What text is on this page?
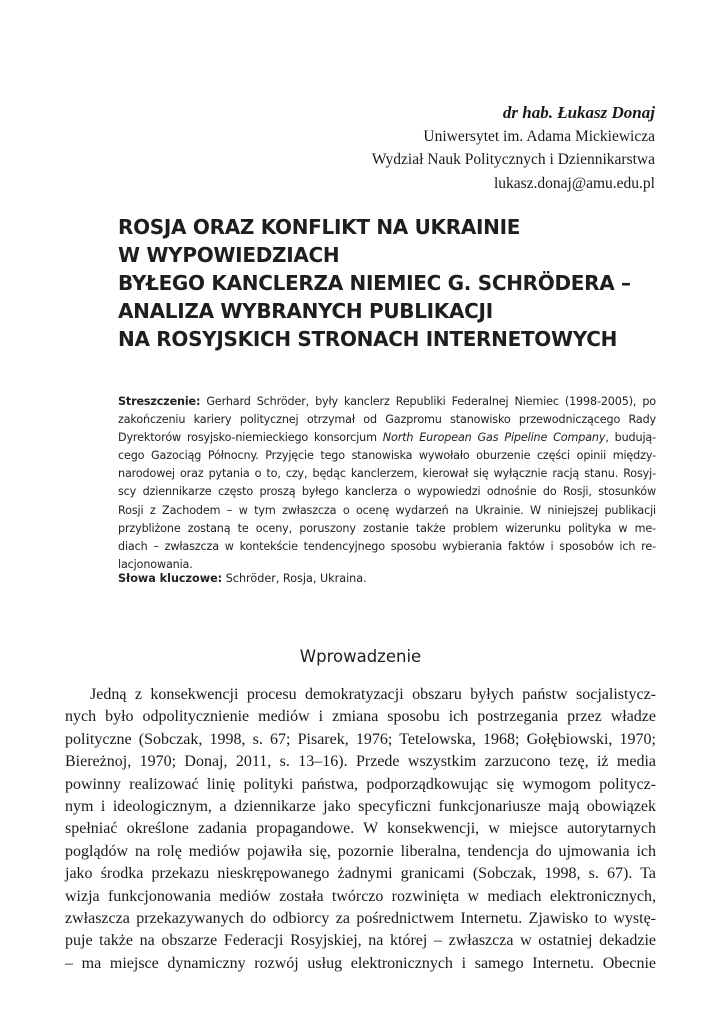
dr hab. Łukasz Donaj
Uniwersytet im. Adama Mickiewicza
Wydział Nauk Politycznych i Dziennikarstwa
lukasz.donaj@amu.edu.pl
ROSJA ORAZ KONFLIKT NA UKRAINIE
W WYPOWIEDZIACH
BYŁEGO KANCLERZA NIEMIEC G. SCHRÖDERA –
ANALIZA WYBRANYCH PUBLIKACJI
NA ROSYJSKICH STRONACH INTERNETOWYCH
Streszczenie: Gerhard Schröder, były kanclerz Republiki Federalnej Niemiec (1998-2005), po
zakończeniu kariery politycznej otrzymał od Gazpromu stanowisko przewodniczącego Rady
Dyrektorów rosyjsko-niemieckiego konsorcjum North European Gas Pipeline Company, budują-
cego Gazociąg Północny. Przyjęcie tego stanowiska wywołało oburzenie części opinii między-
narodowej oraz pytania o to, czy, będąc kanclerzem, kierował się wyłącznie racją stanu. Rosyj-
scy dziennikarze często proszą byłego kanclerza o wypowiedzi odnośnie do Rosji, stosunków
Rosji z Zachodem – w tym zwłaszcza o ocenę wydarzeń na Ukrainie. W niniejszej publikacji
przybliżone zostaną te oceny, poruszony zostanie także problem wizerunku polityka w me-
diach – zwłaszcza w kontekście tendencyjnego sposobu wybierania faktów i sposobów ich re-
lacjonowania.
Słowa kluczowe: Schröder, Rosja, Ukraina.
Wprowadzenie
Jedną z konsekwencji procesu demokratyzacji obszaru byłych państw socjalistycz-
nych było odpolitycznienie mediów i zmiana sposobu ich postrzegania przez władze
polityczne (Sobczak, 1998, s. 67; Pisarek, 1976; Tetelowska, 1968; Gołębiowski, 1970;
Biereżnoj, 1970; Donaj, 2011, s. 13–16). Przede wszystkim zarzucono tezę, iż media
powinny realizować linię polityki państwa, podporządkowując się wymogom politycz-
nym i ideologicznym, a dziennikarze jako specyficzni funkcjonariusze mają obowiązek
spełniać określone zadania propagandowe. W konsekwencji, w miejsce autorytarnych
poglądów na rolę mediów pojawiła się, pozornie liberalna, tendencja do ujmowania ich
jako środka przekazu nieskrępowanego żadnymi granicami (Sobczak, 1998, s. 67). Ta
wizja funkcjonowania mediów została twórczo rozwinięta w mediach elektronicznych,
zwłaszcza przekazywanych do odbiorcy za pośrednictwem Internetu. Zjawisko to wystę-
puje także na obszarze Federacji Rosyjskiej, na której – zwłaszcza w ostatniej dekadzie
– ma miejsce dynamiczny rozwój usług elektronicznych i samego Internetu. Obecnie
